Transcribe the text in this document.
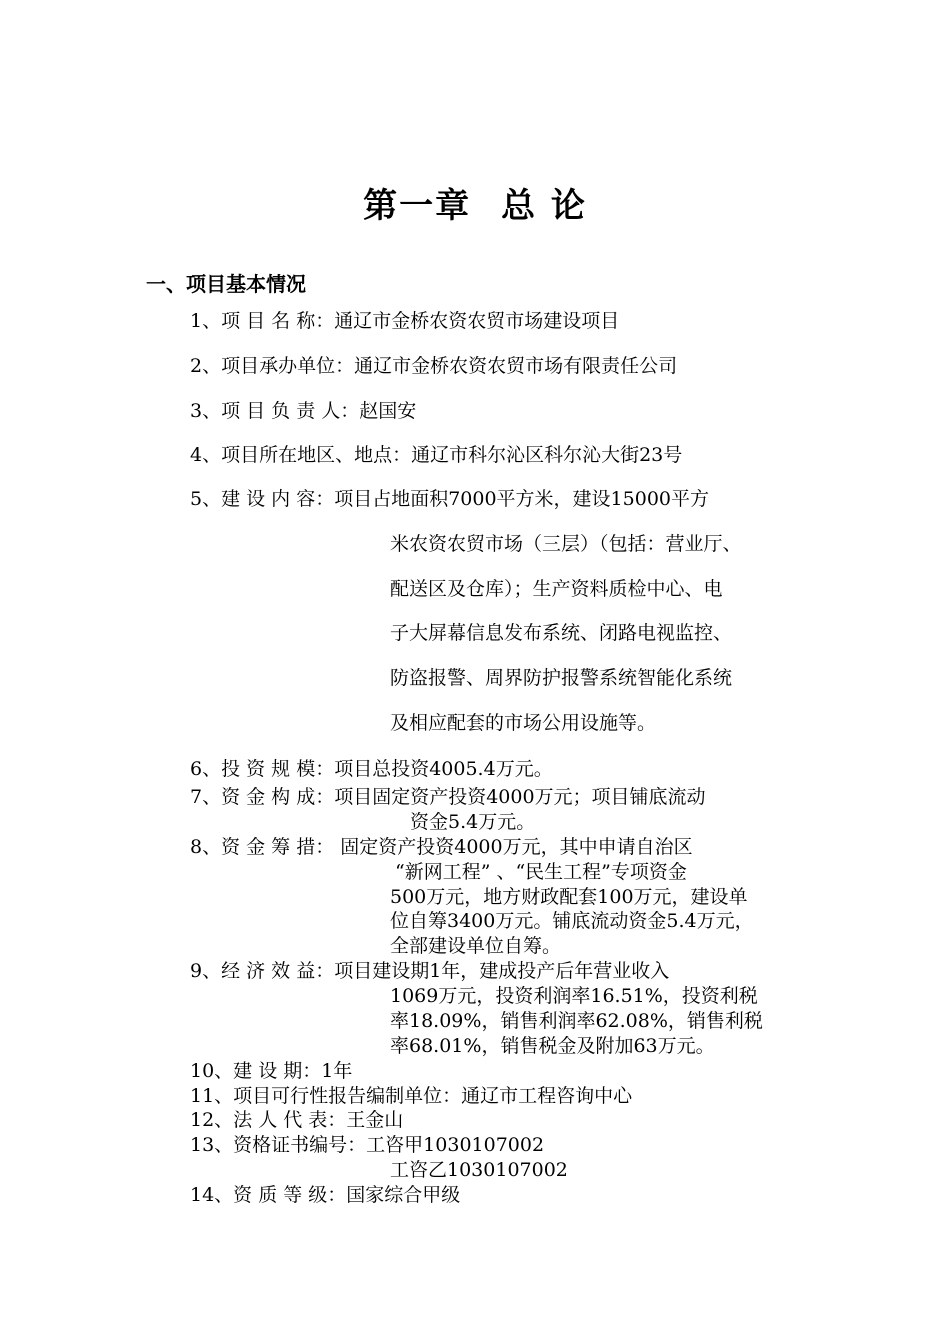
第一章 总 论
一、项目基本情况
1、项 目 名 称：通辽市金桥农资农贸市场建设项目
2、项目承办单位：通辽市金桥农资农贸市场有限责任公司
3、项 目 负 责 人：赵国安
4、项目所在地区、地点：通辽市科尔沁区科尔沁大街23号
5、建 设 内 容：项目占地面积7000平方米，建设15000平方
米农资农贸市场（三层）（包括：营业厅、
配送区及仓库）；生产资料质检中心、电
子大屏幕信息发布系统、闭路电视监控、
防盗报警、周界防护报警系统智能化系统
及相应配套的市场公用设施等。
6、投 资 规 模：项目总投资4005.4万元。
7、资 金 构 成：项目固定资产投资4000万元；项目铺底流动
资金5.4万元。
8、资 金 筹 措： 固定资产投资4000万元，其中申请自治区
“新网工程” 、“民生工程”专项资金
500万元，地方财政配套100万元，建设单
位自筹3400万元。铺底流动资金5.4万元，
全部建设单位自筹。
9、经 济 效 益：项目建设期1年，建成投产后年营业收入
1069万元，投资利润率16.51%，投资利税
率18.09%，销售利润率62.08%，销售利税
率68.01%，销售税金及附加63万元。
10、建 设 期：1年
11、项目可行性报告编制单位：通辽市工程咨询中心
12、法 人 代 表：王金山
13、资格证书编号：工咨甲1030107002
工咨乙1030107002
14、资 质 等 级：国家综合甲级
